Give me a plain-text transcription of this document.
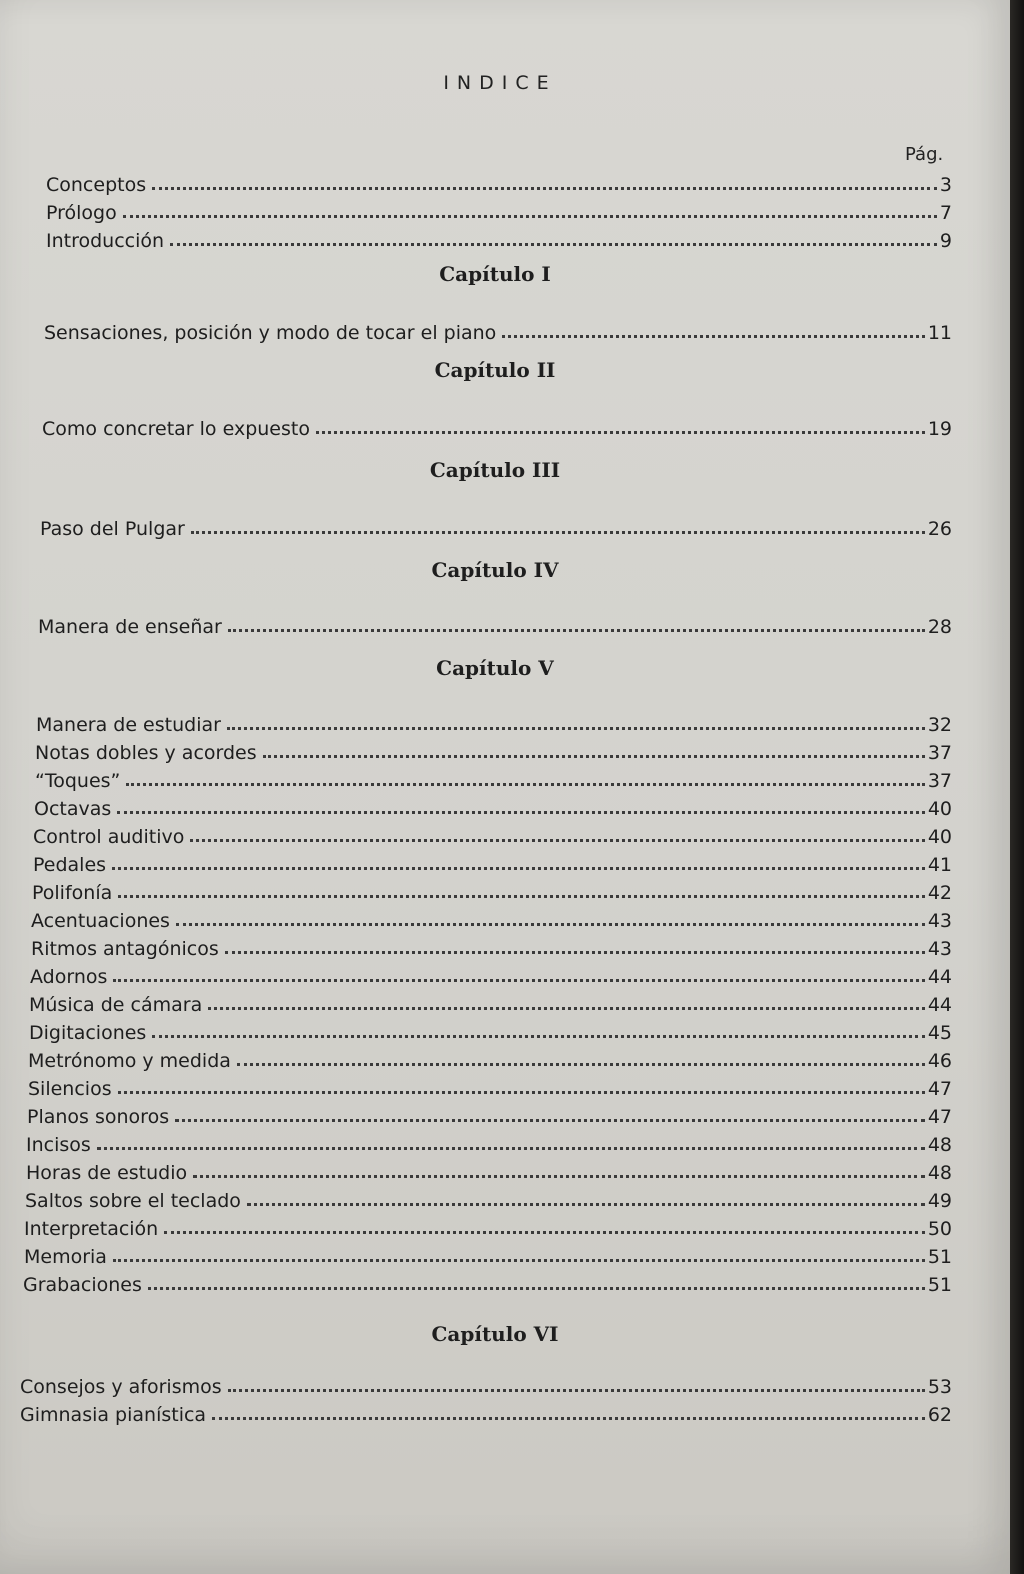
INDICE
Pág.
Conceptos	3
Prólogo	7
Introducción	9
Capítulo I
Sensaciones, posición y modo de tocar el piano	11
Capítulo II
Como concretar lo expuesto	19
Capítulo III
Paso del Pulgar	26
Capítulo IV
Manera de enseñar	28
Capítulo V
Manera de estudiar	32
Notas dobles y acordes	37
“Toques”	37
Octavas	40
Control auditivo	40
Pedales	41
Polifonía	42
Acentuaciones	43
Ritmos antagónicos	43
Adornos	44
Música de cámara	44
Digitaciones	45
Metrónomo y medida	46
Silencios	47
Planos sonoros	47
Incisos	48
Horas de estudio	48
Saltos sobre el teclado	49
Interpretación	50
Memoria	51
Grabaciones	51
Capítulo VI
Consejos y aforismos	53
Gimnasia pianística	62
